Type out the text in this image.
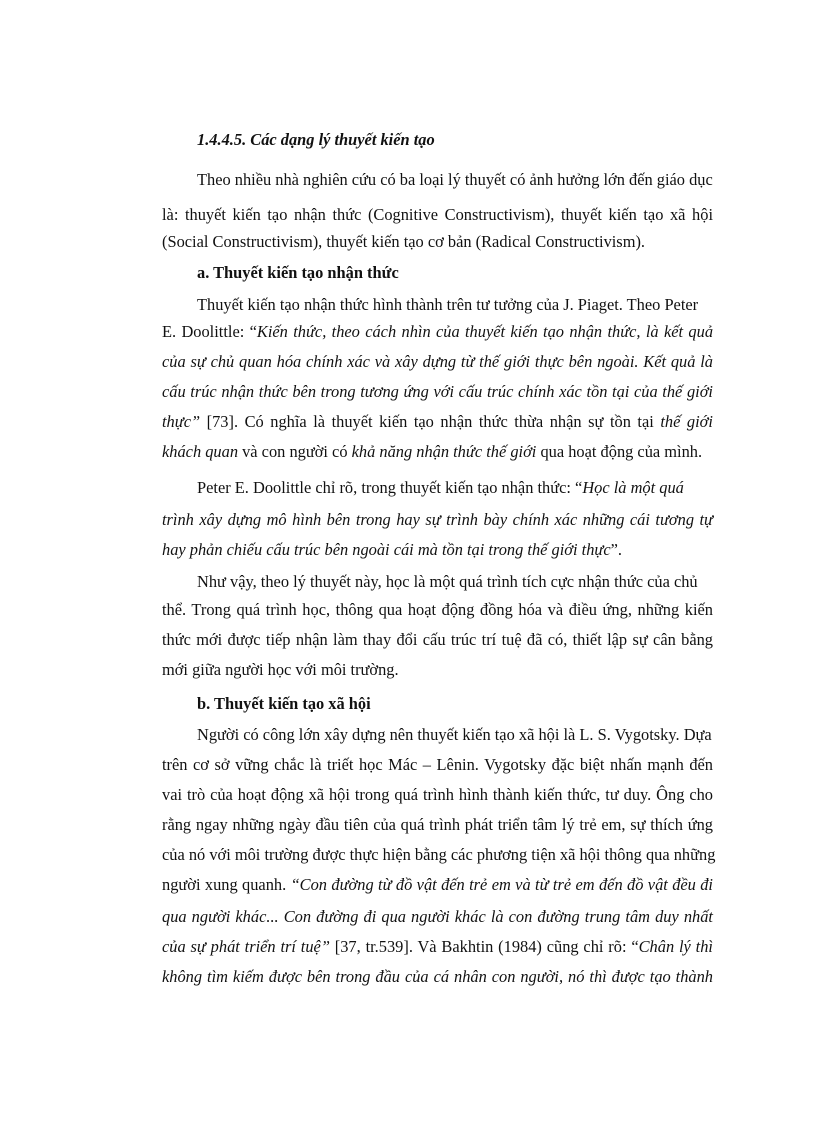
1.4.4.5. Các dạng lý thuyết kiến tạo
Theo nhiều nhà nghiên cứu có ba loại lý thuyết có ảnh hưởng lớn đến giáo dục
là: thuyết kiến tạo nhận thức (Cognitive Constructivism), thuyết kiến tạo xã hội
(Social Constructivism), thuyết kiến tạo cơ bản (Radical Constructivism).
a. Thuyết kiến tạo nhận thức
Thuyết kiến tạo nhận thức hình thành trên tư tưởng của J. Piaget. Theo Peter
E. Doolittle: “Kiến thức, theo cách nhìn của thuyết kiến tạo nhận thức, là kết quả
của sự chủ quan hóa chính xác và xây dựng từ thế giới thực bên ngoài. Kết quả là
cấu trúc nhận thức bên trong tương ứng với cấu trúc chính xác tồn tại của thế giới
thực” [73]. Có nghĩa là thuyết kiến tạo nhận thức thừa nhận sự tồn tại thế giới
khách quan và con người có khả năng nhận thức thế giới qua hoạt động của mình.
Peter E. Doolittle chỉ rõ, trong thuyết kiến tạo nhận thức: “Học là một quá
trình xây dựng mô hình bên trong hay sự trình bày chính xác những cái tương tự
hay phản chiếu cấu trúc bên ngoài cái mà tồn tại trong thế giới thực”.
Như vậy, theo lý thuyết này, học là một quá trình tích cực nhận thức của chủ
thể. Trong quá trình học, thông qua hoạt động đồng hóa và điều ứng, những kiến
thức mới được tiếp nhận làm thay đổi cấu trúc trí tuệ đã có, thiết lập sự cân bằng
mới giữa người học với môi trường.
b. Thuyết kiến tạo xã hội
Người có công lớn xây dựng nên thuyết kiến tạo xã hội là L. S. Vygotsky. Dựa
trên cơ sở vững chắc là triết học Mác – Lênin. Vygotsky đặc biệt nhấn mạnh đến
vai trò của hoạt động xã hội trong quá trình hình thành kiến thức, tư duy. Ông cho
rằng ngay những ngày đầu tiên của quá trình phát triển tâm lý trẻ em, sự thích ứng
của nó với môi trường được thực hiện bằng các phương tiện xã hội thông qua những
người xung quanh. “Con đường từ đồ vật đến trẻ em và từ trẻ em đến đồ vật đều đi
qua người khác... Con đường đi qua người khác là con đường trung tâm duy nhất
của sự phát triển trí tuệ” [37, tr.539]. Và Bakhtin (1984) cũng chỉ rõ: “Chân lý thì
không tìm kiếm được bên trong đầu của cá nhân con người, nó thì được tạo thành
